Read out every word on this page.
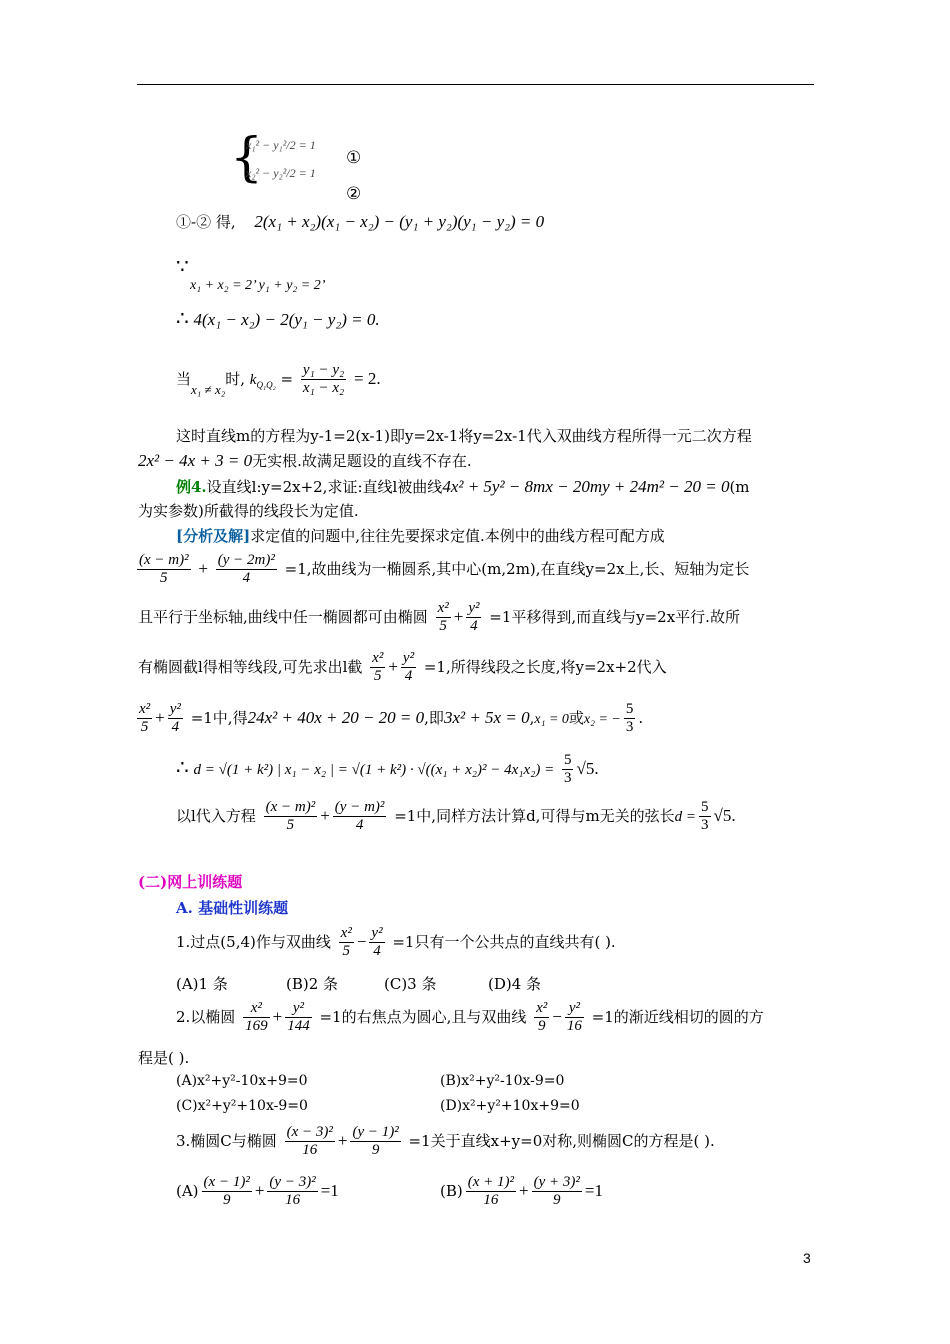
{
x₁² − y₁²/2 = 1
x₂² − y₂²/2 = 1
①
②
①-② 得, 2(x₁ + x₂)(x₁ − x₂) − (y₁ + y₂)(y₁ − y₂) = 0
∵
x₁ + x₂ = 2’ y₁ + y₂ = 2’
∴ 4(x₁ − x₂) − 2(y₁ − y₂) = 0.
当x₁ ≠ x₂时, $k_{Q_1Q_2} = \frac{\text{y₁ − y₂}}{\text{x₁ − x₂}} = 2$.
这时直线m的方程为y-1=2(x-1)即y=2x-1将y=2x-1代入双曲线方程所得一元二次方程
2x² − 4x + 3 = 0无实根.故满足题设的直线不存在.
例4.设直线l:y=2x+2,求证:直线l被曲线4x² + 5y² − 8mx − 20my + 24m² − 20 = 0(m
为实参数)所截得的线段长为定值.
[分析及解]求定值的问题中,往往先要探求定值.本例中的曲线方程可配方成
$\frac{\text{(x − m)²}}{5} + \frac{\text{(y − 2m)²}}{4} =1$,故曲线为一椭圆系,其中心(m,2m),在直线y=2x上,长、短轴为定长
且平行于坐标轴,曲线中任一椭圆都可由椭圆 $\frac{\text{x²}}{5} + \frac{\text{y²}}{4} =1$平移得到,而直线与y=2x平行.故所
有椭圆截l得相等线段,可先求出l截 $\frac{\text{x²}}{5} + \frac{\text{y²}}{4} =1$,所得线段之长度,将y=2x+2代入
$\frac{\text{x²}}{5} + \frac{\text{y²}}{4} =1$中,得24x² + 40x + 20 − 20 = 0,即3x² + 5x = 0,x₁ = 0或x₂ = − $\frac{5}{3}$ .
∴ d = √(1 + k²) | x₁ − x₂ | = $√(1 + k^2) \cdot √((x_1 + x_2)^2 - 4x_1x_2) = \frac{5}{3} √5$.
以l代入方程 $\frac{\text{(x − m)²}}{5} + \frac{\text{(y − m)²}}{4} =1$中,同样方法计算d,可得与m无关的弦长$d = \frac{5}{3} √5$.
(二)网上训练题
A. 基础性训练题
1.过点(5,4)作与双曲线 $\frac{\text{x²}}{5} - \frac{\text{y²}}{4} =1$只有一个公共点的直线共有( ).
(A)1 条	(B)2 条	(C)3 条	(D)4 条
2.以椭圆 $\frac{\text{x²}}{169} + \frac{\text{y²}}{144} =1$的右焦点为圆心,且与双曲线 $\frac{\text{x²}}{9} - \frac{\text{y²}}{16} =1$的渐近线相切的圆的方
程是( ).
(A)x²+y²-10x+9=0	(B)x²+y²-10x-9=0
(C)x²+y²+10x-9=0	(D)x²+y²+10x+9=0
3.椭圆C与椭圆 $\frac{\text{(x − 3)²}}{16} + \frac{\text{(y − 1)²}}{9} =1$关于直线x+y=0对称,则椭圆C的方程是( ).
$(A) \frac{\text{(x − 1)²}}{9} + \frac{\text{(y − 3)²}}{16} =1$	$(B) \frac{\text{(x + 1)²}}{16} + \frac{\text{(y + 3)²}}{9} =1$
3
